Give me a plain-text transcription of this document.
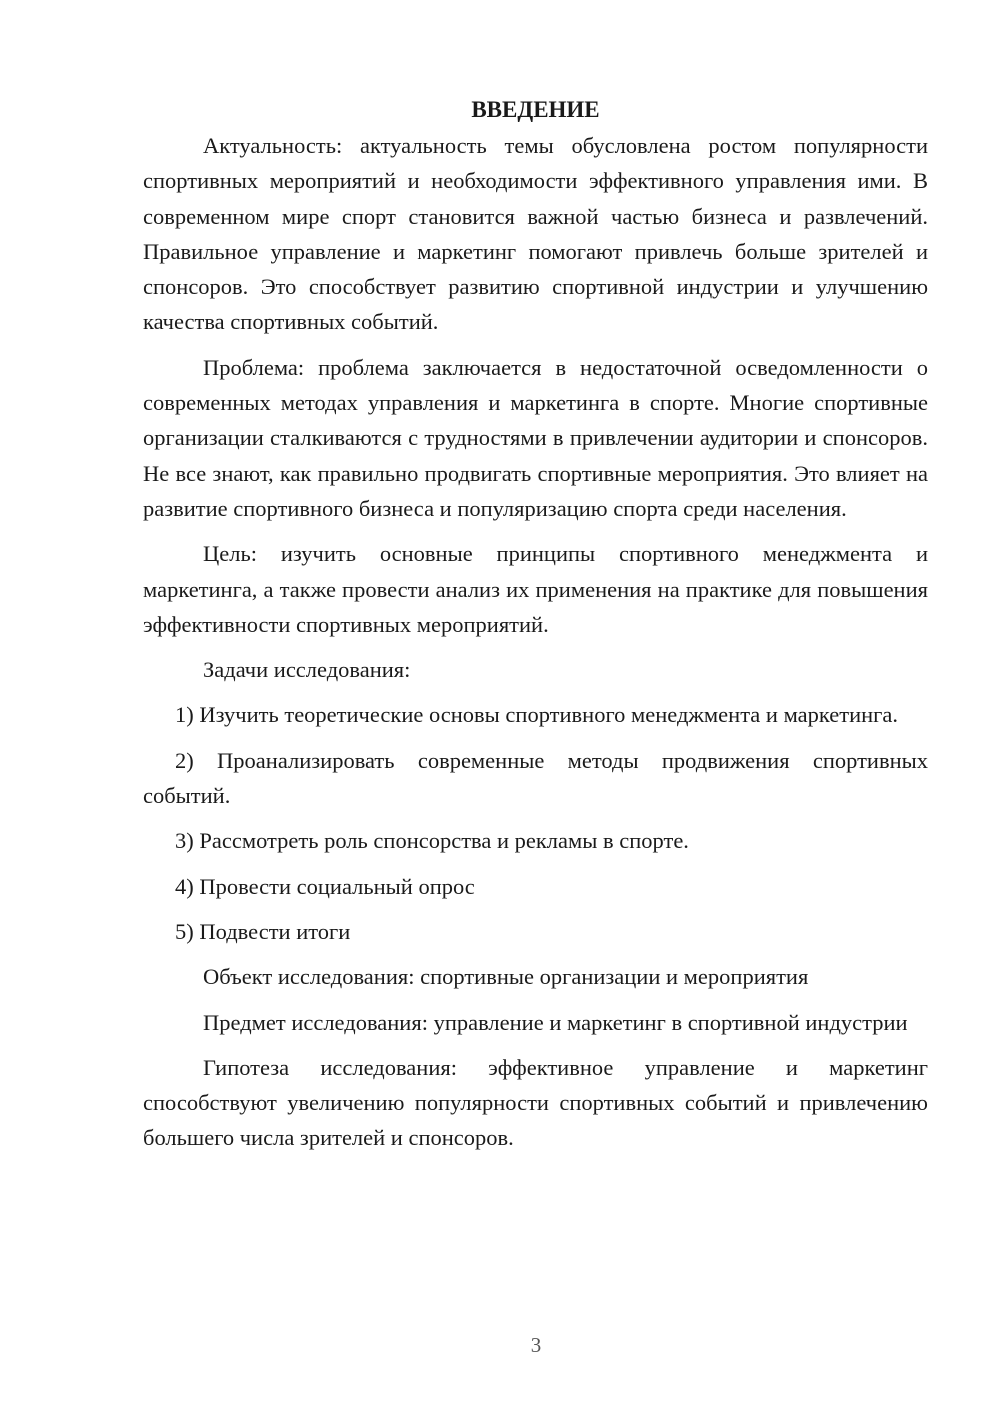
ВВЕДЕНИЕ

Актуальность: актуальность темы обусловлена ростом популярности спортивных мероприятий и необходимости эффективного управления ими. В современном мире спорт становится важной частью бизнеса и развлечений. Правильное управление и маркетинг помогают привлечь больше зрителей и спонсоров. Это способствует развитию спортивной индустрии и улучшению качества спортивных событий.

Проблема: проблема заключается в недостаточной осведомленности о современных методах управления и маркетинга в спорте. Многие спортивные организации сталкиваются с трудностями в привлечении аудитории и спонсоров. Не все знают, как правильно продвигать спортивные мероприятия. Это влияет на развитие спортивного бизнеса и популяризацию спорта среди населения.

Цель: изучить основные принципы спортивного менеджмента и маркетинга, а также провести анализ их применения на практике для повышения эффективности спортивных мероприятий.

Задачи исследования:

1) Изучить теоретические основы спортивного менеджмента и маркетинга.

2) Проанализировать современные методы продвижения спортивных событий.

3) Рассмотреть роль спонсорства и рекламы в спорте.

4) Провести социальный опрос

5) Подвести итоги

Объект исследования: спортивные организации и мероприятия

Предмет исследования: управление и маркетинг в спортивной индустрии

Гипотеза исследования: эффективное управление и маркетинг способствуют увеличению популярности спортивных событий и привлечению большего числа зрителей и спонсоров.

3
